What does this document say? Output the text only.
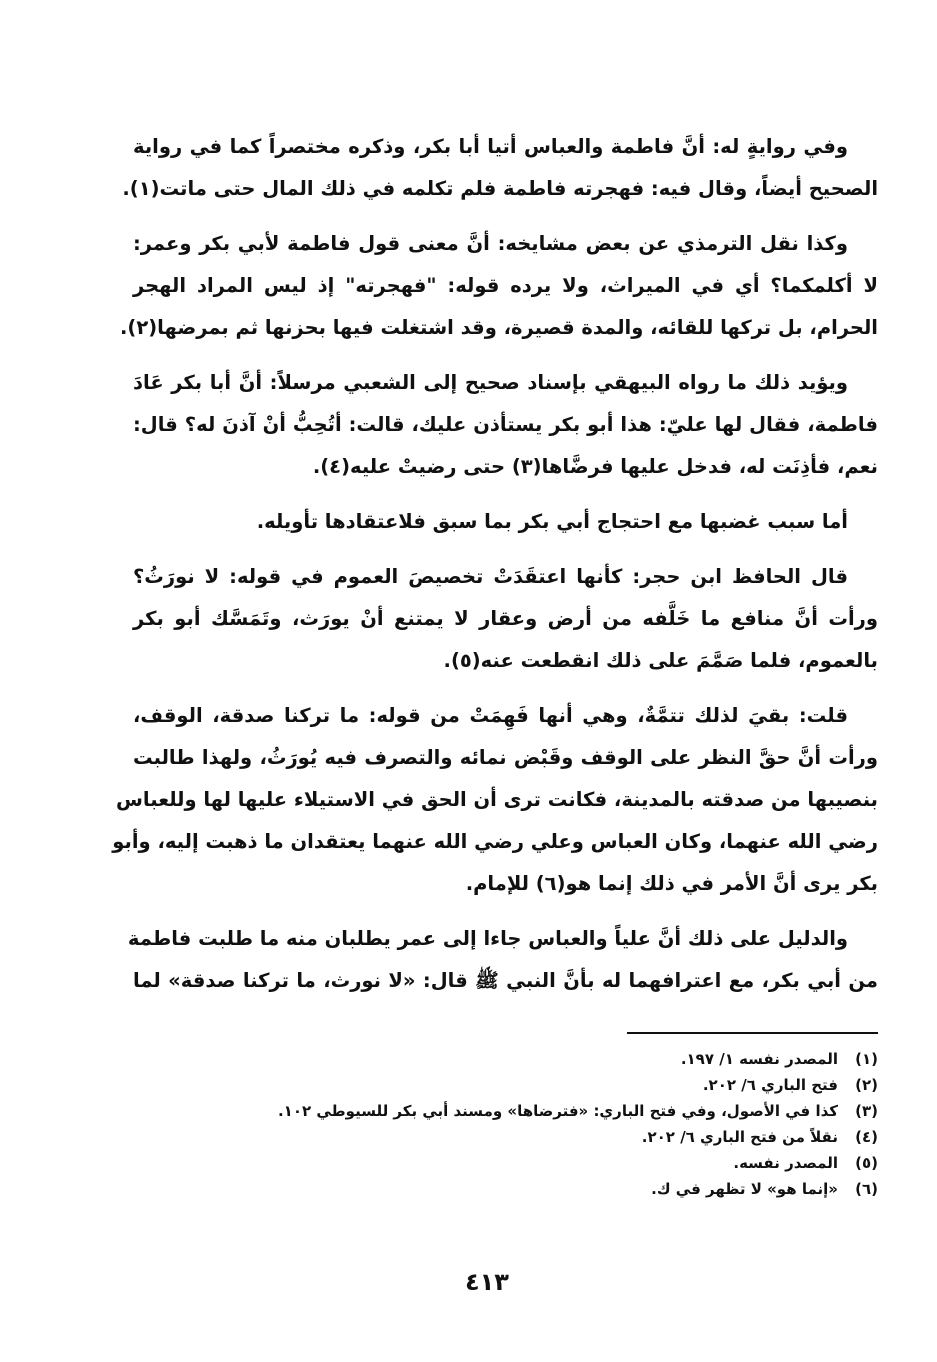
وفي روايةٍ له: أنَّ فاطمة والعباس أتيا أبا بكر، وذكره مختصراً كما في رواية
الصحيح أيضاً، وقال فيه: فهجرته فاطمة فلم تكلمه في ذلك المال حتى ماتت(١).
وكذا نقل الترمذي عن بعض مشايخه: أنَّ معنى قول فاطمة لأبي بكر وعمر:
لا أكلمكما؟ أي في الميراث، ولا يرده قوله: "فهجرته" إذ ليس المراد الهجر
الحرام، بل تركها للقائه، والمدة قصيرة، وقد اشتغلت فيها بحزنها ثم بمرضها(٢).
ويؤيد ذلك ما رواه البيهقي بإسناد صحيح إلى الشعبي مرسلاً: أنَّ أبا بكر عَادَ
فاطمة، فقال لها عليّ: هذا أبو بكر يستأذن عليك، قالت: أتُحِبُّ أنْ آذنَ له؟ قال:
نعم، فأذِنَت له، فدخل عليها فرضَّاها(٣) حتى رضيتْ عليه(٤).
أما سبب غضبها مع احتجاج أبي بكر بما سبق فلاعتقادها تأويله.
قال الحافظ ابن حجر: كأنها اعتقَدَتْ تخصيصَ العموم في قوله: لا نورَثُ؟
ورأت أنَّ منافع ما خَلَّفه من أرض وعقار لا يمتنع أنْ يورَث، وتَمَسَّك أبو بكر
بالعموم، فلما صَمَّمَ على ذلك انقطعت عنه(٥).
قلت: بقيَ لذلك تتمَّةٌ، وهي أنها فَهِمَتْ من قوله: ما تركنا صدقة، الوقف،
ورأت أنَّ حقَّ النظر على الوقف وقَبْض نمائه والتصرف فيه يُورَثُ، ولهذا طالبت
بنصيبها من صدقته بالمدينة، فكانت ترى أن الحق في الاستيلاء عليها لها وللعباس
رضي الله عنهما، وكان العباس وعلي رضي الله عنهما يعتقدان ما ذهبت إليه، وأبو
بكر يرى أنَّ الأمر في ذلك إنما هو(٦) للإمام.
والدليل على ذلك أنَّ علياً والعباس جاءا إلى عمر يطلبان منه ما طلبت فاطمة
من أبي بكر، مع اعترافهما له بأنَّ النبي ﷺ قال: «لا نورث، ما تركنا صدقة» لما
(١)المصدر نفسه ١/ ١٩٧.
(٢)فتح الباري ٦/ ٢٠٢.
(٣)كذا في الأصول، وفي فتح الباري: «فترضاها» ومسند أبي بكر للسيوطي ١٠٢.
(٤)نقلاً من فتح الباري ٦/ ٢٠٢.
(٥)المصدر نفسه.
(٦)«إنما هو» لا تظهر في ك.
٤١٣
